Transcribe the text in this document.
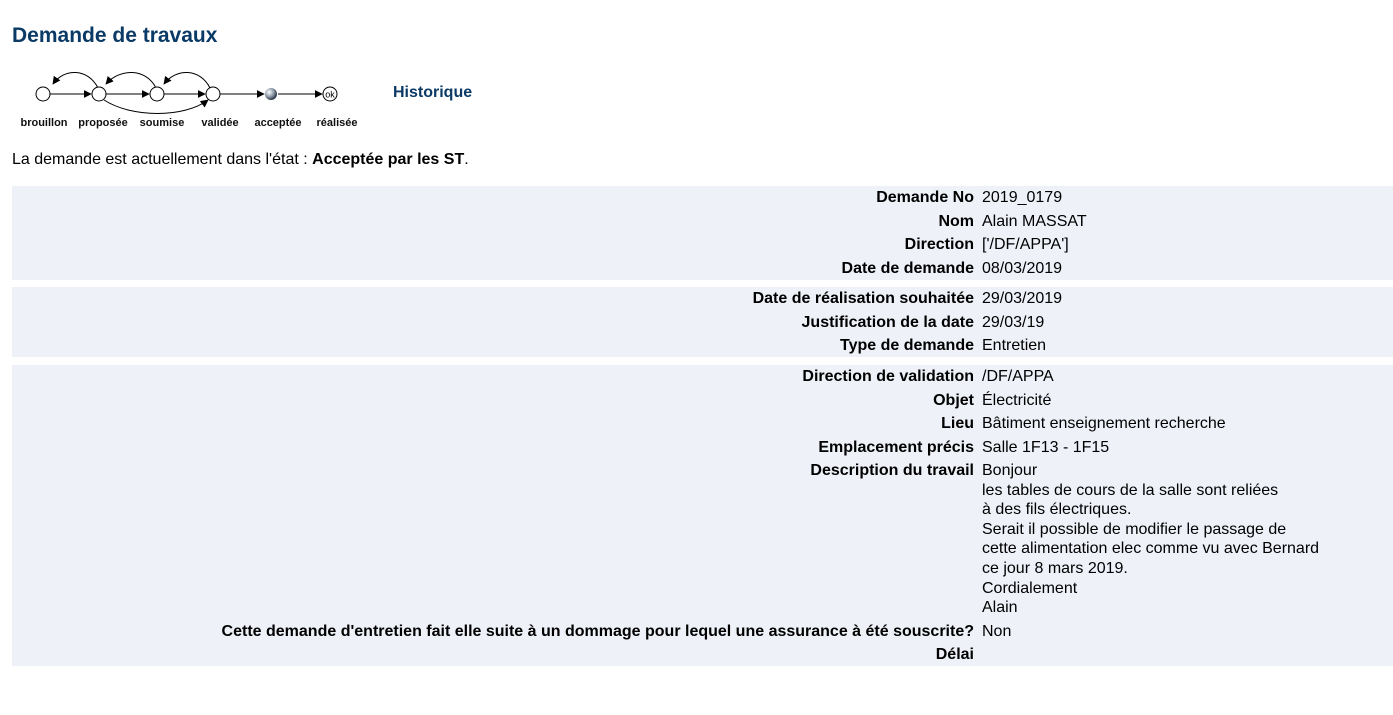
Demande de travaux
ok
brouillon proposée soumise validée acceptée réalisée
Historique
La demande est actuellement dans l'état : Acceptée par les ST.
Demande No 2019_0179
Nom Alain MASSAT
Direction ['/DF/APPA']
Date de demande 08/03/2019
Date de réalisation souhaitée 29/03/2019
Justification de la date 29/03/19
Type de demande Entretien
Direction de validation /DF/APPA
Objet Électricité
Lieu Bâtiment enseignement recherche
Emplacement précis Salle 1F13 - 1F15
Description du travail Bonjour
les tables de cours de la salle sont reliées
à des fils électriques.
Serait il possible de modifier le passage de
cette alimentation elec comme vu avec Bernard
ce jour 8 mars 2019.
Cordialement
Alain
Cette demande d'entretien fait elle suite à un dommage pour lequel une assurance à été souscrite? Non
Délai
